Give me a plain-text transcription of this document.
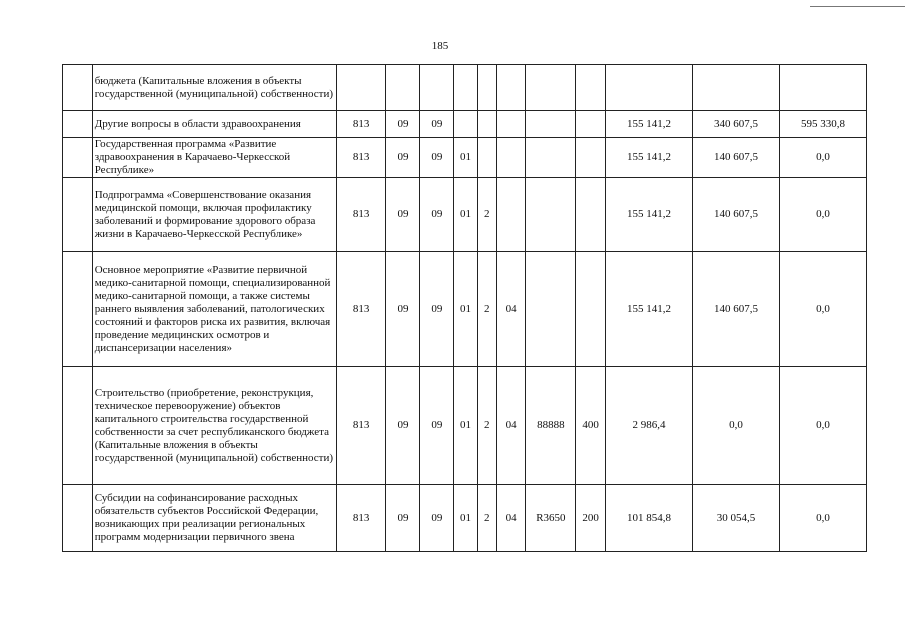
185
	бюджета (Капитальные вложения в объекты государственной (муниципальной) собственности)											
	Другие вопросы в области здравоохранения	813	09	09						155 141,2	340 607,5	595 330,8
	Государственная программа «Развитие здравоохранения в Карачаево-Черкесской Республике»	813	09	09	01					155 141,2	140 607,5	0,0
	Подпрограмма «Совершенствование оказания медицинской помощи, включая профилактику заболеваний и формирование здорового образа жизни в Карачаево-Черкесской Республике»	813	09	09	01	2				155 141,2	140 607,5	0,0
	Основное мероприятие «Развитие первичной медико-санитарной помощи, специализированной медико-санитарной помощи, а также системы раннего выявления заболеваний, патологических состояний и факторов риска их развития, включая проведение медицинских осмотров и диспансеризации населения»	813	09	09	01	2	04			155 141,2	140 607,5	0,0
	Строительство (приобретение, реконструкция, техническое перевооружение) объектов капитального строительства государственной собственности за счет республиканского бюджета (Капитальные вложения в объекты государственной (муниципальной) собственности)	813	09	09	01	2	04	88888	400	2 986,4	0,0	0,0
	Субсидии на софинансирование расходных обязательств субъектов Российской Федерации, возникающих при реализации региональных программ модернизации первичного звена	813	09	09	01	2	04	R3650	200	101 854,8	30 054,5	0,0
